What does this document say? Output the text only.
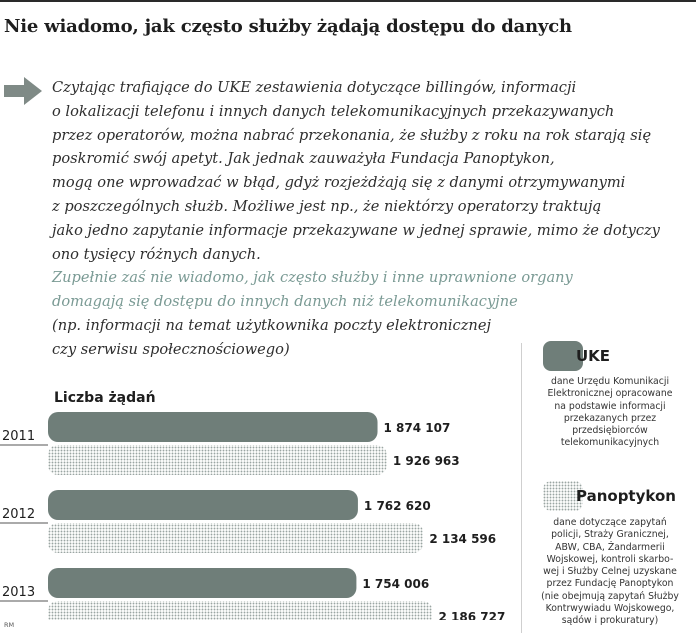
Nie wiadomo, jak często służby żądają dostępu do danych
Czytając trafiające do UKE zestawienia dotyczące billingów, informacji
o lokalizacji telefonu i innych danych telekomunikacyjnych przekazywanych
przez operatorów, można nabrać przekonania, że służby z roku na rok starają się
poskromić swój apetyt. Jak jednak zauważyła Fundacja Panoptykon,
mogą one wprowadzać w błąd, gdyż rozjeżdżają się z danymi otrzymywanymi
z poszczególnych służb. Możliwe jest np., że niektórzy operatorzy traktują
jako jedno zapytanie informacje przekazywane w jednej sprawie, mimo że dotyczy
ono tysięcy różnych danych.
Zupełnie zaś nie wiadomo, jak często służby i inne uprawnione organy
domagają się dostępu do innych danych niż telekomunikacyjne
(np. informacji na temat użytkownika poczty elektronicznej
czy serwisu społecznościowego)	UKE
dane Urzędu Komunikacji
Elektronicznej opracowane
na podstawie informacji
przekazanych przez
przedsiębiorców
telekomunikacyjnych
Panoptykon
dane dotyczące zapytań
policji, Straży Granicznej,
ABW, CBA, Żandarmerii
Wojskowej, kontroli skarbo-
wej i Służby Celnej uzyskane
przez Fundację Panoptykon
(nie obejmują zapytań Służby
Kontrwywiadu Wojskowego,
sądów i prokuratury)
Liczba żądań
2011
1 874 107
1 926 963
2012
1 762 620
2 134 596
2013
1 754 006
2 186 727
RM
